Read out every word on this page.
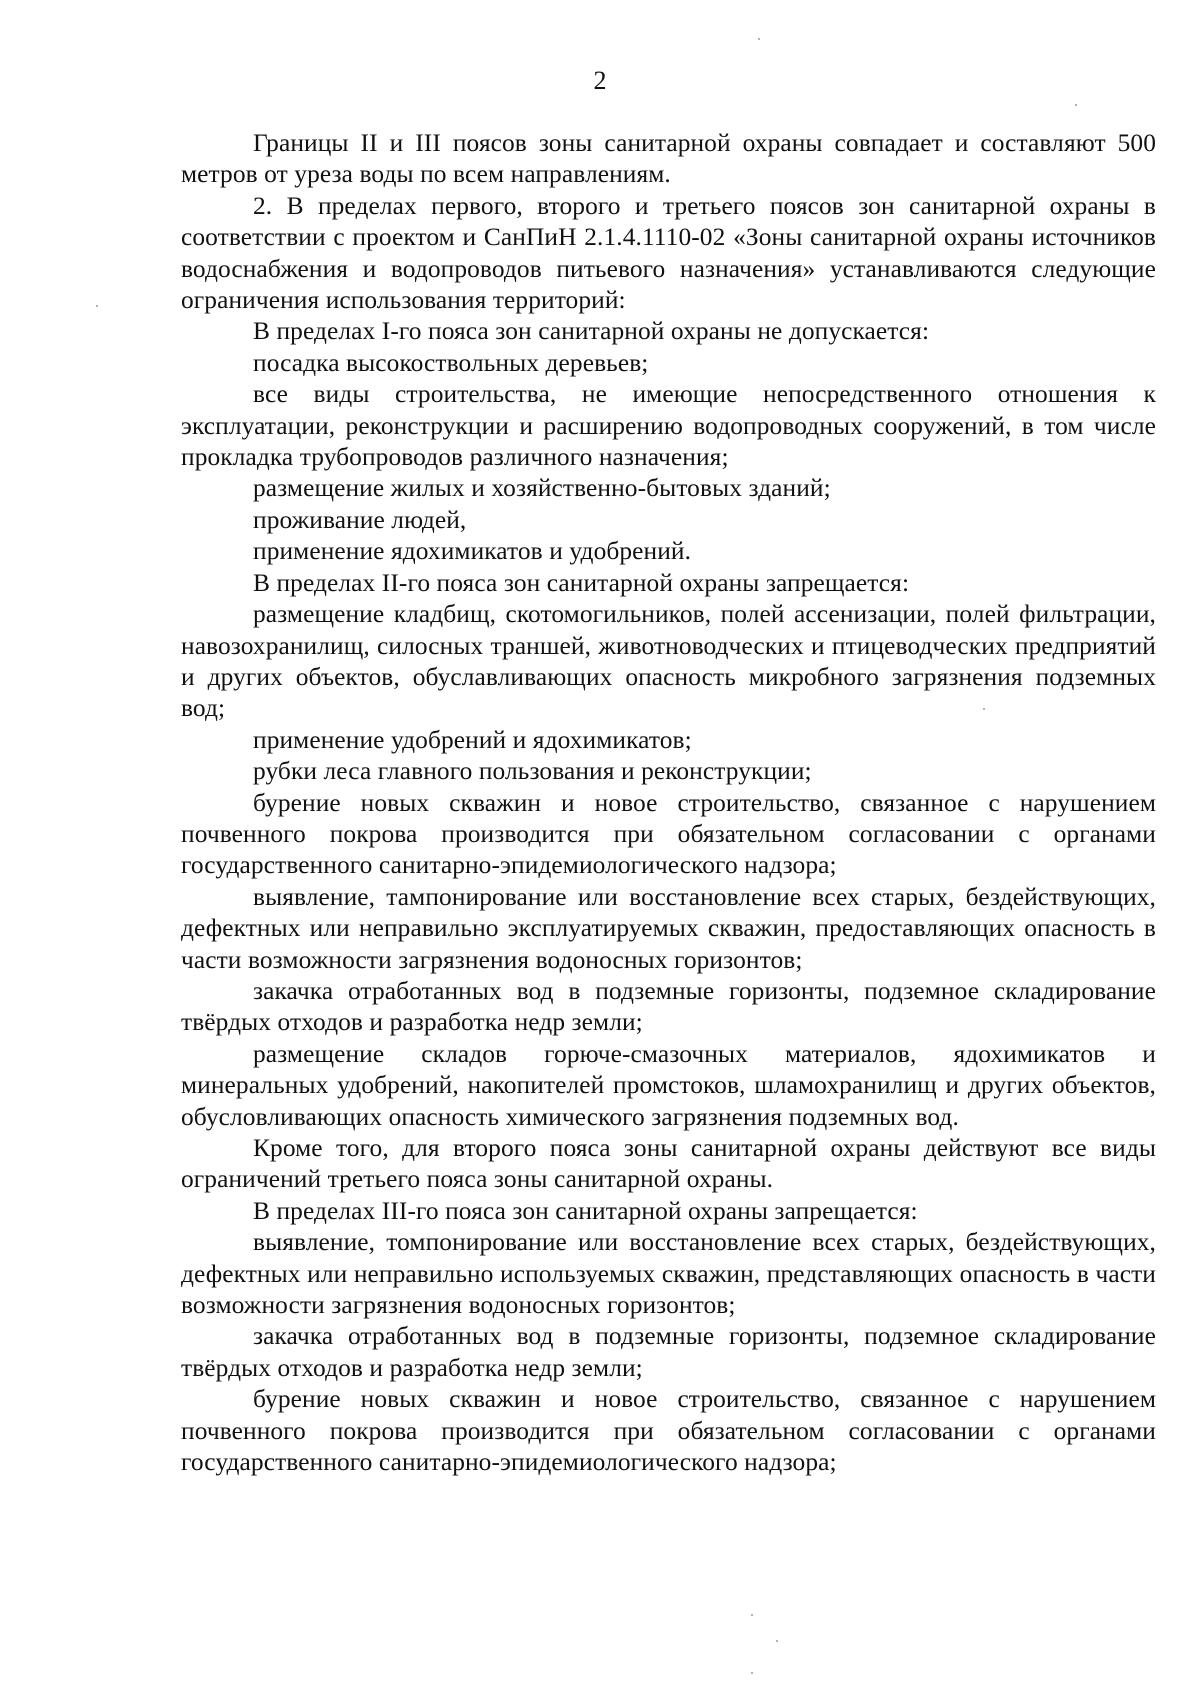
2

Границы II и III поясов зоны санитарной охраны совпадает и составляют 500 метров от уреза воды по всем направлениям.

2. В пределах первого, второго и третьего поясов зон санитарной охраны в соответствии с проектом и СанПиН 2.1.4.1110-02 «Зоны санитарной охраны источников водоснабжения и водопроводов питьевого назначения» устанавливаются следующие ограничения использования территорий:

В пределах I-го пояса зон санитарной охраны не допускается:

посадка высокоствольных деревьев;

все виды строительства, не имеющие непосредственного отношения к эксплуатации, реконструкции и расширению водопроводных сооружений, в том числе прокладка трубопроводов различного назначения;

размещение жилых и хозяйственно-бытовых зданий;

проживание людей,

применение ядохимикатов и удобрений.

В пределах II-го пояса зон санитарной охраны запрещается:

размещение кладбищ, скотомогильников, полей ассенизации, полей фильтрации, навозохранилищ, силосных траншей, животноводческих и птицеводческих предприятий и других объектов, обуславливающих опасность микробного загрязнения подземных вод;

применение удобрений и ядохимикатов;

рубки леса главного пользования и реконструкции;

бурение новых скважин и новое строительство, связанное с нарушением почвенного покрова производится при обязательном согласовании с органами государственного санитарно-эпидемиологического надзора;

выявление, тампонирование или восстановление всех старых, бездействующих, дефектных или неправильно эксплуатируемых скважин, предоставляющих опасность в части возможности загрязнения водоносных горизонтов;

закачка отработанных вод в подземные горизонты, подземное складирование твёрдых отходов и разработка недр земли;

размещение складов горюче-смазочных материалов, ядохимикатов и минеральных удобрений, накопителей промстоков, шламохранилищ и других объектов, обусловливающих опасность химического загрязнения подземных вод.

Кроме того, для второго пояса зоны санитарной охраны действуют все виды ограничений третьего пояса зоны санитарной охраны.

В пределах III-го пояса зон санитарной охраны запрещается:

выявление, томпонирование или восстановление всех старых, бездействующих, дефектных или неправильно используемых скважин, представляющих опасность в части возможности загрязнения водоносных горизонтов;

закачка отработанных вод в подземные горизонты, подземное складирование твёрдых отходов и разработка недр земли;

бурение новых скважин и новое строительство, связанное с нарушением почвенного покрова производится при обязательном согласовании с органами государственного санитарно-эпидемиологического надзора;
